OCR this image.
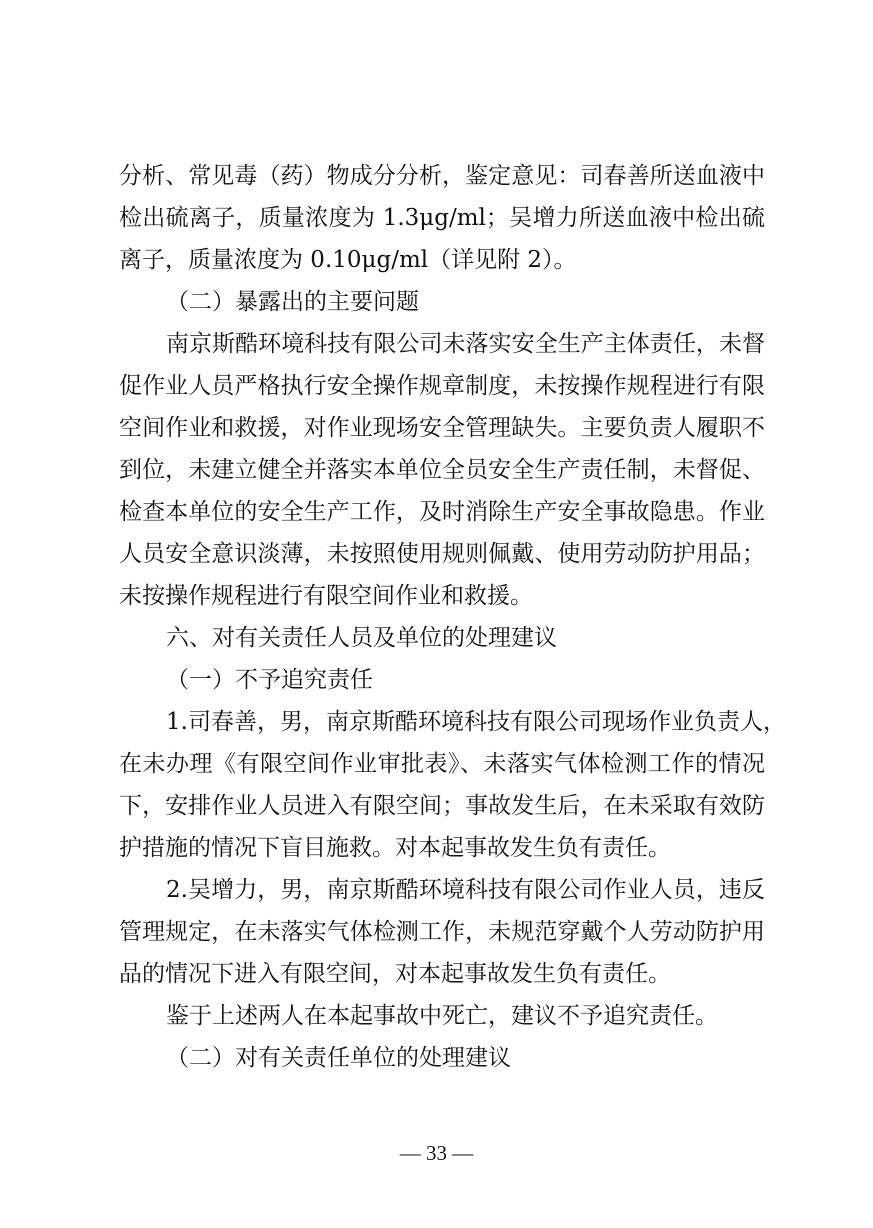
分析、常见毒（药）物成分分析，鉴定意见：司春善所送血液中
检出硫离子，质量浓度为 1.3μg/ml；吴增力所送血液中检出硫
离子，质量浓度为 0.10μg/ml（详见附 2）。
（二）暴露出的主要问题
南京斯酷环境科技有限公司未落实安全生产主体责任，未督
促作业人员严格执行安全操作规章制度，未按操作规程进行有限
空间作业和救援，对作业现场安全管理缺失。主要负责人履职不
到位，未建立健全并落实本单位全员安全生产责任制，未督促、
检查本单位的安全生产工作，及时消除生产安全事故隐患。作业
人员安全意识淡薄，未按照使用规则佩戴、使用劳动防护用品；
未按操作规程进行有限空间作业和救援。
六、对有关责任人员及单位的处理建议
（一）不予追究责任
1.司春善，男，南京斯酷环境科技有限公司现场作业负责人，
在未办理《有限空间作业审批表》、未落实气体检测工作的情况
下，安排作业人员进入有限空间；事故发生后，在未采取有效防
护措施的情况下盲目施救。对本起事故发生负有责任。
2.吴增力，男，南京斯酷环境科技有限公司作业人员，违反
管理规定，在未落实气体检测工作，未规范穿戴个人劳动防护用
品的情况下进入有限空间，对本起事故发生负有责任。
鉴于上述两人在本起事故中死亡，建议不予追究责任。
（二）对有关责任单位的处理建议
— 33 —
